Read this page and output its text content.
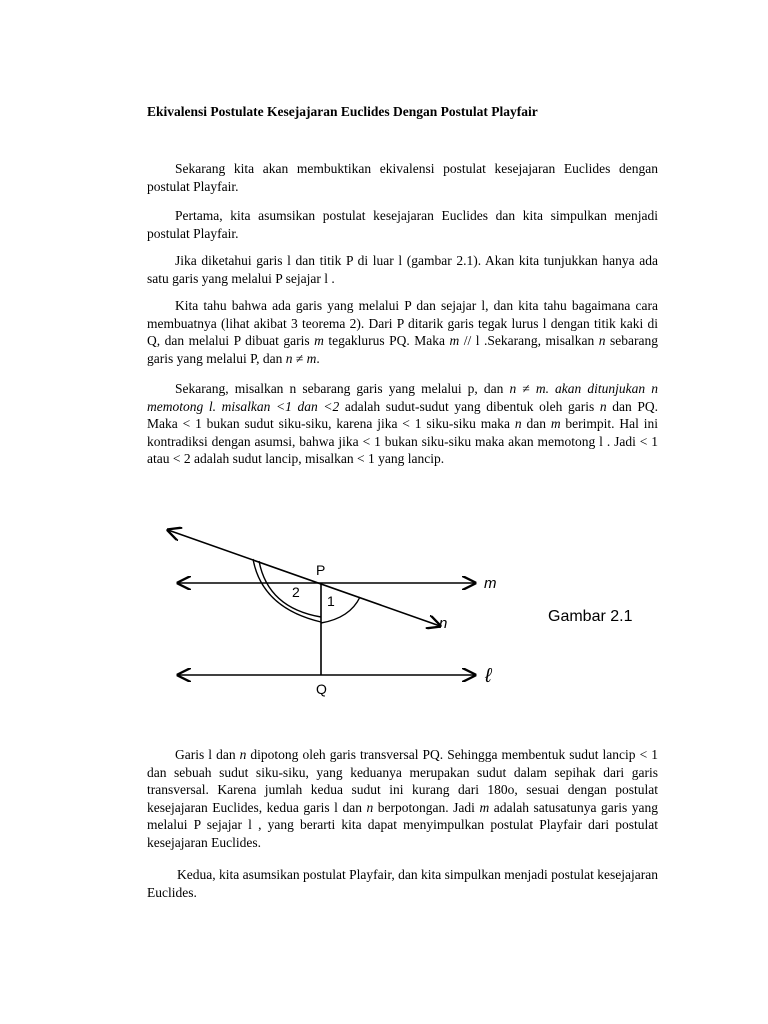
Ekivalensi Postulate Kesejajaran Euclides Dengan Postulat Playfair

Sekarang kita akan membuktikan ekivalensi postulat kesejajaran Euclides dengan postulat Playfair.

Pertama, kita asumsikan postulat kesejajaran Euclides dan kita simpulkan menjadi postulat Playfair.

Jika diketahui garis l dan titik P di luar l (gambar 2.1). Akan kita tunjukkan hanya ada satu garis yang melalui P sejajar l .

Kita tahu bahwa ada garis yang melalui P dan sejajar l, dan kita tahu bagaimana cara membuatnya (lihat akibat 3 teorema 2). Dari P ditarik garis tegak lurus l dengan titik kaki di Q, dan melalui P dibuat garis m tegaklurus PQ. Maka m // l .Sekarang, misalkan n sebarang garis yang melalui P, dan n ≠ m.

Sekarang, misalkan n sebarang garis yang melalui p, dan n ≠ m. akan ditunjukan n memotong l. misalkan <1 dan <2 adalah sudut-sudut yang dibentuk oleh garis n dan PQ. Maka < 1 bukan sudut siku-siku, karena jika < 1 siku-siku maka n dan m berimpit. Hal ini kontradiksi dengan asumsi, bahwa jika < 1 bukan siku-siku maka akan memotong l . Jadi < 1 atau < 2 adalah sudut lancip, misalkan < 1 yang lancip.

P
2
1
m
n
ℓ
Q
Gambar 2.1

Garis l dan n dipotong oleh garis transversal PQ. Sehingga membentuk sudut lancip < 1 dan sebuah sudut siku-siku, yang keduanya merupakan sudut dalam sepihak dari garis transversal. Karena jumlah kedua sudut ini kurang dari 180o, sesuai dengan postulat kesejajaran Euclides, kedua garis l dan n berpotongan. Jadi m adalah satusatunya garis yang melalui P sejajar l , yang berarti kita dapat menyimpulkan postulat Playfair dari postulat kesejajaran Euclides.

Kedua, kita asumsikan postulat Playfair, dan kita simpulkan menjadi postulat kesejajaran Euclides.
